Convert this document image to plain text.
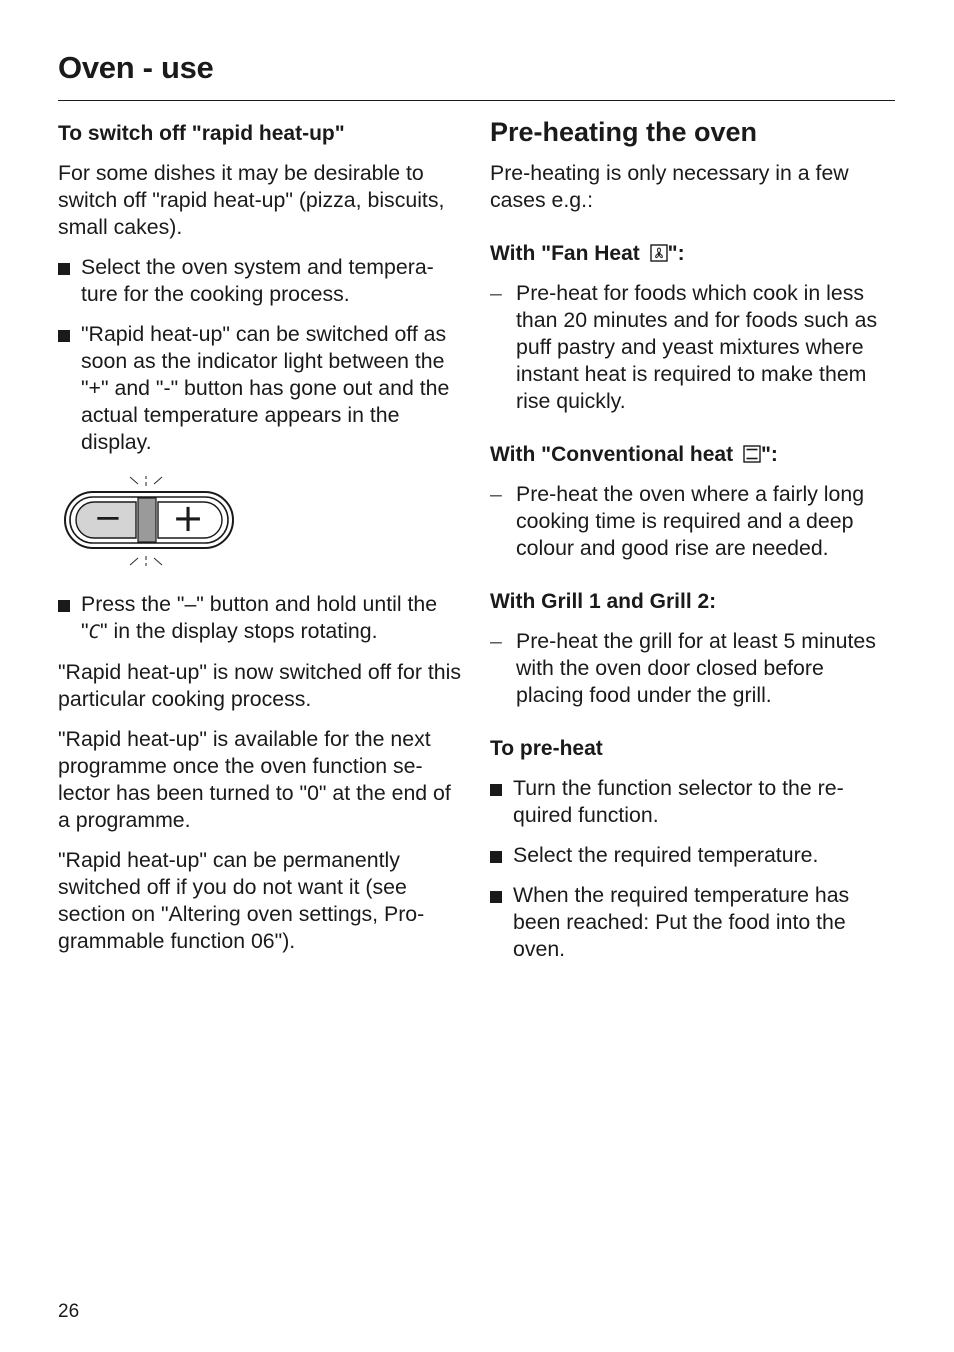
Oven - use
To switch off "rapid heat-up"

For some dishes it may be desirable to switch off "rapid heat-up" (pizza, biscuits, small cakes).

Select the oven system and temperature for the cooking process.
"Rapid heat-up" can be switched off as soon as the indicator light between the "+" and "-" button has gone out and the actual temperature appears in the display.
− +
Press the "–" button and hold until the "C" in the display stops rotating.

"Rapid heat-up" is now switched off for this particular cooking process.

"Rapid heat-up" is available for the next programme once the oven function selector has been turned to "0" at the end of a programme.

"Rapid heat-up" can be permanently switched off if you do not want it (see section on "Altering oven settings, Programmable function 06").

Pre-heating the oven

Pre-heating is only necessary in a few cases e.g.:

With "Fan Heat ":
– Pre-heat for foods which cook in less than 20 minutes and for foods such as puff pastry and yeast mixtures where instant heat is required to make them rise quickly.
With "Conventional heat ":
– Pre-heat the oven where a fairly long cooking time is required and a deep colour and good rise are needed.
With Grill 1 and Grill 2:
– Pre-heat the grill for at least 5 minutes with the oven door closed before placing food under the grill.
To pre-heat
Turn the function selector to the required function.
Select the required temperature.
When the required temperature has been reached: Put the food into the oven.
26
